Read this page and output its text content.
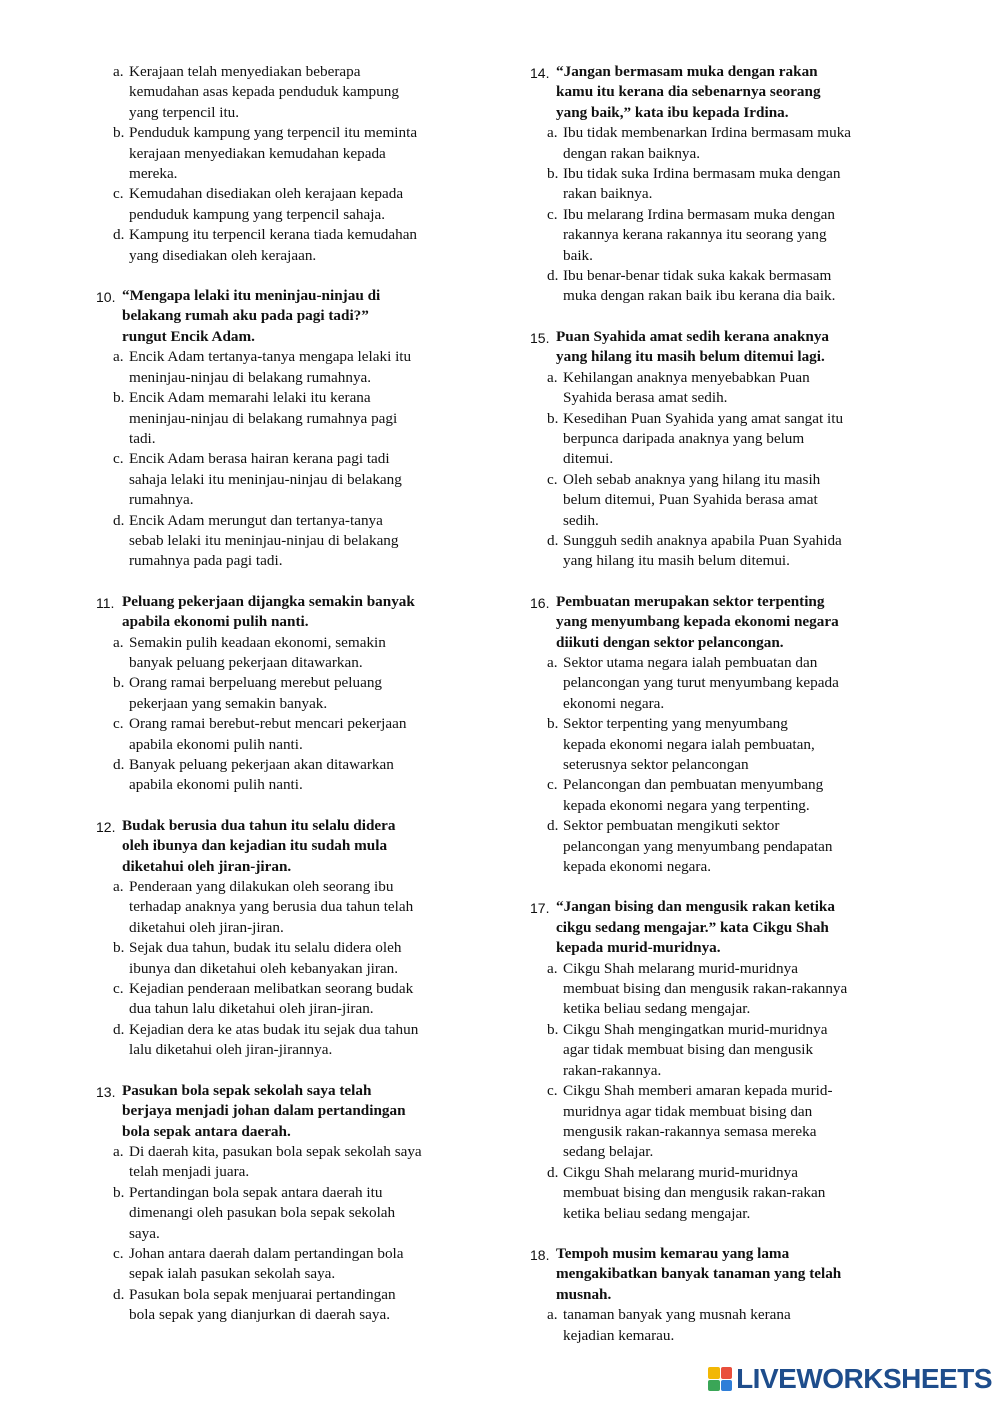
a. Kerajaan telah menyediakan beberapa
kemudahan asas kepada penduduk kampung
yang terpencil itu.
b. Penduduk kampung yang terpencil itu meminta
kerajaan menyediakan kemudahan kepada
mereka.
c. Kemudahan disediakan oleh kerajaan kepada
penduduk kampung yang terpencil sahaja.
d. Kampung itu terpencil kerana tiada kemudahan
yang disediakan oleh kerajaan.
10. “Mengapa lelaki itu meninjau-ninjau di
belakang rumah aku pada pagi tadi?”
rungut Encik Adam.
a. Encik Adam tertanya-tanya mengapa lelaki itu
meninjau-ninjau di belakang rumahnya.
b. Encik Adam memarahi lelaki itu kerana
meninjau-ninjau di belakang rumahnya pagi
tadi.
c. Encik Adam berasa hairan kerana pagi tadi
sahaja lelaki itu meninjau-ninjau di belakang
rumahnya.
d. Encik Adam merungut dan tertanya-tanya
sebab lelaki itu meninjau-ninjau di belakang
rumahnya pada pagi tadi.
11. Peluang pekerjaan dijangka semakin banyak
apabila ekonomi pulih nanti.
a. Semakin pulih keadaan ekonomi, semakin
banyak peluang pekerjaan ditawarkan.
b. Orang ramai berpeluang merebut peluang
pekerjaan yang semakin banyak.
c. Orang ramai berebut-rebut mencari pekerjaan
apabila ekonomi pulih nanti.
d. Banyak peluang pekerjaan akan ditawarkan
apabila ekonomi pulih nanti.
12. Budak berusia dua tahun itu selalu didera
oleh ibunya dan kejadian itu sudah mula
diketahui oleh jiran-jiran.
a. Penderaan yang dilakukan oleh seorang ibu
terhadap anaknya yang berusia dua tahun telah
diketahui oleh jiran-jiran.
b. Sejak dua tahun, budak itu selalu didera oleh
ibunya dan diketahui oleh kebanyakan jiran.
c. Kejadian penderaan melibatkan seorang budak
dua tahun lalu diketahui oleh jiran-jiran.
d. Kejadian dera ke atas budak itu sejak dua tahun
lalu diketahui oleh jiran-jirannya.
13. Pasukan bola sepak sekolah saya telah
berjaya menjadi johan dalam pertandingan
bola sepak antara daerah.
a. Di daerah kita, pasukan bola sepak sekolah saya
telah menjadi juara.
b. Pertandingan bola sepak antara daerah itu
dimenangi oleh pasukan bola sepak sekolah
saya.
c. Johan antara daerah dalam pertandingan bola
sepak ialah pasukan sekolah saya.
d. Pasukan bola sepak menjuarai pertandingan
bola sepak yang dianjurkan di daerah saya.
14. “Jangan bermasam muka dengan rakan
kamu itu kerana dia sebenarnya seorang
yang baik,” kata ibu kepada Irdina.
a. Ibu tidak membenarkan Irdina bermasam muka
dengan rakan baiknya.
b. Ibu tidak suka Irdina bermasam muka dengan
rakan baiknya.
c. Ibu melarang Irdina bermasam muka dengan
rakannya kerana rakannya itu seorang yang
baik.
d. Ibu benar-benar tidak suka kakak bermasam
muka dengan rakan baik ibu kerana dia baik.
15. Puan Syahida amat sedih kerana anaknya
yang hilang itu masih belum ditemui lagi.
a. Kehilangan anaknya menyebabkan Puan
Syahida berasa amat sedih.
b. Kesedihan Puan Syahida yang amat sangat itu
berpunca daripada anaknya yang belum
ditemui.
c. Oleh sebab anaknya yang hilang itu masih
belum ditemui, Puan Syahida berasa amat
sedih.
d. Sungguh sedih anaknya apabila Puan Syahida
yang hilang itu masih belum ditemui.
16. Pembuatan merupakan sektor terpenting
yang menyumbang kepada ekonomi negara
diikuti dengan sektor pelancongan.
a. Sektor utama negara ialah pembuatan dan
pelancongan yang turut menyumbang kepada
ekonomi negara.
b. Sektor terpenting yang menyumbang
kepada ekonomi negara ialah pembuatan,
seterusnya sektor pelancongan
c. Pelancongan dan pembuatan menyumbang
kepada ekonomi negara yang terpenting.
d. Sektor pembuatan mengikuti sektor
pelancongan yang menyumbang pendapatan
kepada ekonomi negara.
17. “Jangan bising dan mengusik rakan ketika
cikgu sedang mengajar.” kata Cikgu Shah
kepada murid-muridnya.
a. Cikgu Shah melarang murid-muridnya
membuat bising dan mengusik rakan-rakannya
ketika beliau sedang mengajar.
b. Cikgu Shah mengingatkan murid-muridnya
agar tidak membuat bising dan mengusik
rakan-rakannya.
c. Cikgu Shah memberi amaran kepada murid-
muridnya agar tidak membuat bising dan
mengusik rakan-rakannya semasa mereka
sedang belajar.
d. Cikgu Shah melarang murid-muridnya
membuat bising dan mengusik rakan-rakan
ketika beliau sedang mengajar.
18. Tempoh musim kemarau yang lama
mengakibatkan banyak tanaman yang telah
musnah.
a. tanaman banyak yang musnah kerana
kejadian kemarau.
LIVEWORKSHEETS
